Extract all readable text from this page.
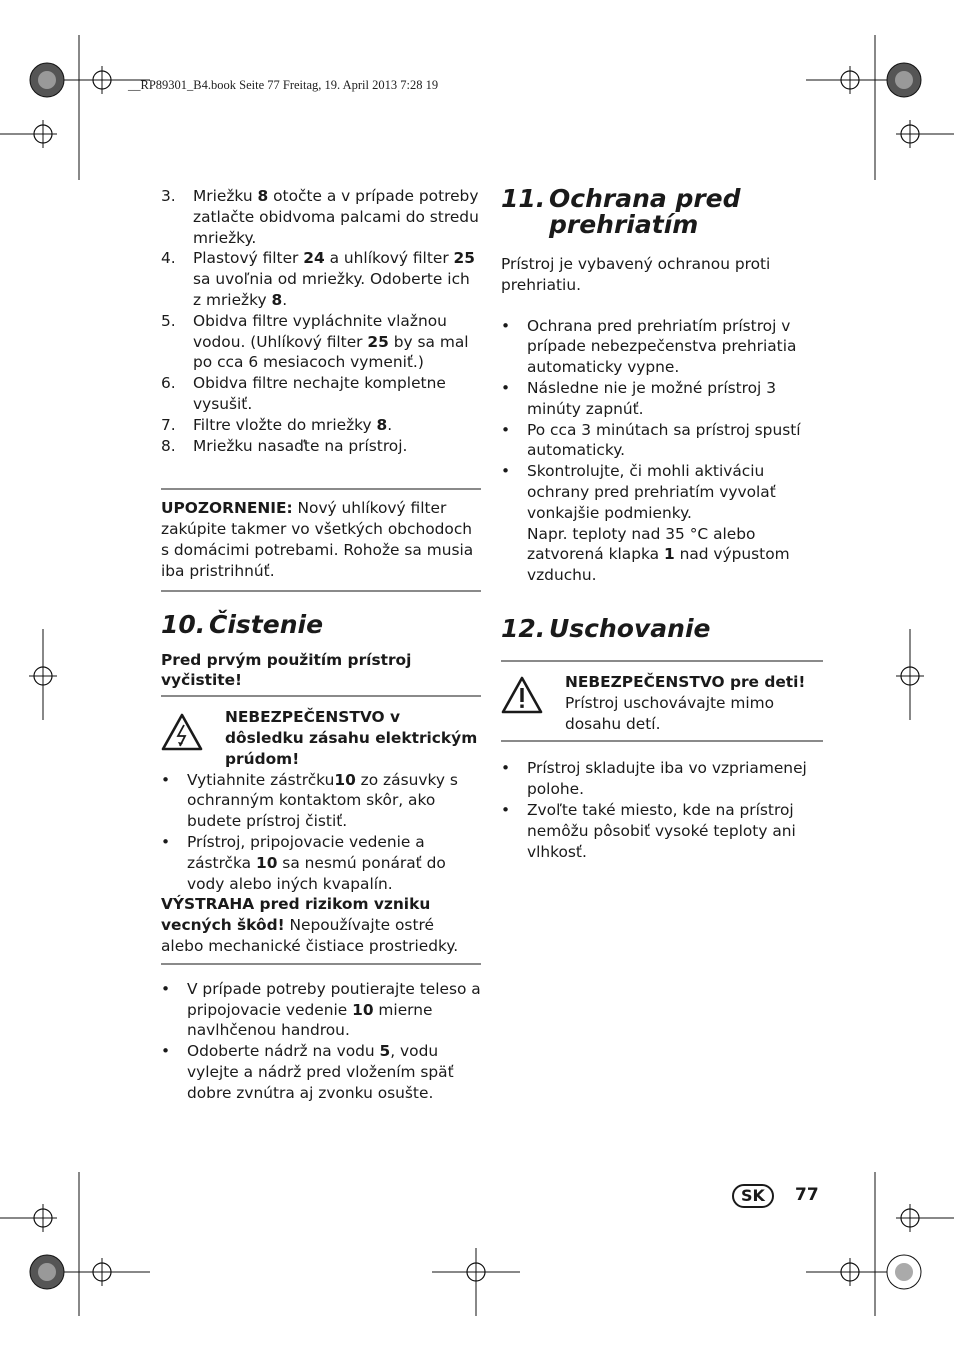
__RP89301_B4.book Seite 77 Freitag, 19. April 2013 7:28 19
3.	Mriežku 8 otočte a v prípade potreby zatlačte obidvoma palcami do stredu mriežky.
4.	Plastový filter 24 a uhlíkový filter 25 sa uvoľnia od mriežky. Odoberte ich z mriežky 8.
5.	Obidva filtre vypláchnite vlažnou vodou. (Uhlíkový filter 25 by sa mal po cca 6 mesiacoch vymeniť.)
6.	Obidva filtre nechajte kompletne vysušiť.
7.	Filtre vložte do mriežky 8.
8.	Mriežku nasaďte na prístroj.
UPOZORNENIE: Nový uhlíkový filter zakúpite takmer vo všetkých obchodoch s domácimi potrebami. Rohože sa musia iba pristrihnúť.
10. Čistenie
Pred prvým použitím prístroj vyčistite!
NEBEZPEČENSTVO v dôsledku zásahu elektrickým prúdom!
•	Vytiahnite zástrčku10 zo zásuvky s ochranným kontaktom skôr, ako budete prístroj čistiť.
•	Prístroj, pripojovacie vedenie a zástrčka 10 sa nesmú ponárať do vody alebo iných kvapalín.
VÝSTRAHA pred rizikom vzniku vecných škôd! Nepoužívajte ostré alebo mechanické čistiace prostriedky.
•	V prípade potreby poutierajte teleso a pripojovacie vedenie 10 mierne navlhčenou handrou.
•	Odoberte nádrž na vodu 5, vodu vylejte a nádrž pred vložením späť dobre zvnútra aj zvonku osušte.
11. Ochrana pred prehriatím
Prístroj je vybavený ochranou proti prehriatiu.
•	Ochrana pred prehriatím prístroj v prípade nebezpečenstva prehriatia automaticky vypne.
•	Následne nie je možné prístroj 3 minúty zapnúť.
•	Po cca 3 minútach sa prístroj spustí automaticky.
•	Skontrolujte, či mohli aktiváciu ochrany pred prehriatím vyvolať vonkajšie podmienky.
Napr. teploty nad 35 °C alebo zatvorená klapka 1 nad výpustom vzduchu.
12. Uschovanie
NEBEZPEČENSTVO pre deti!
Prístroj uschovávajte mimo dosahu detí.
•	Prístroj skladujte iba vo vzpriamenej polohe.
•	Zvoľte také miesto, kde na prístroj nemôžu pôsobiť vysoké teploty ani vlhkosť.
SK	77
